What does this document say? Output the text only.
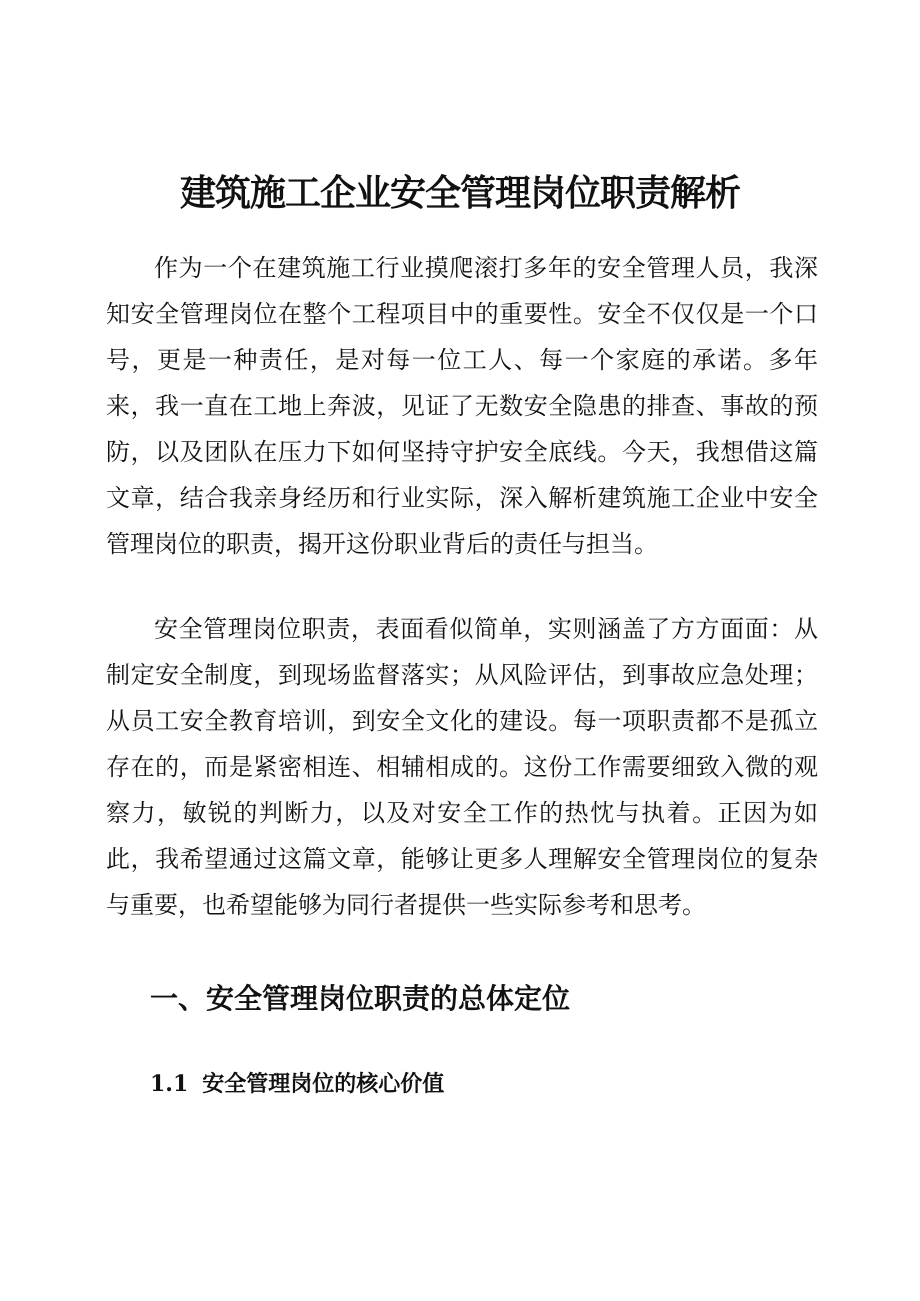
建筑施工企业安全管理岗位职责解析

作为一个在建筑施工行业摸爬滚打多年的安全管理人员，我深知安全管理岗位在整个工程项目中的重要性。安全不仅仅是一个口号，更是一种责任，是对每一位工人、每一个家庭的承诺。多年来，我一直在工地上奔波，见证了无数安全隐患的排查、事故的预防，以及团队在压力下如何坚持守护安全底线。今天，我想借这篇文章，结合我亲身经历和行业实际，深入解析建筑施工企业中安全管理岗位的职责，揭开这份职业背后的责任与担当。

安全管理岗位职责，表面看似简单，实则涵盖了方方面面：从制定安全制度，到现场监督落实；从风险评估，到事故应急处理；从员工安全教育培训，到安全文化的建设。每一项职责都不是孤立存在的，而是紧密相连、相辅相成的。这份工作需要细致入微的观察力，敏锐的判断力，以及对安全工作的热忱与执着。正因为如此，我希望通过这篇文章，能够让更多人理解安全管理岗位的复杂与重要，也希望能够为同行者提供一些实际参考和思考。

一、安全管理岗位职责的总体定位
1.1 安全管理岗位的核心价值
